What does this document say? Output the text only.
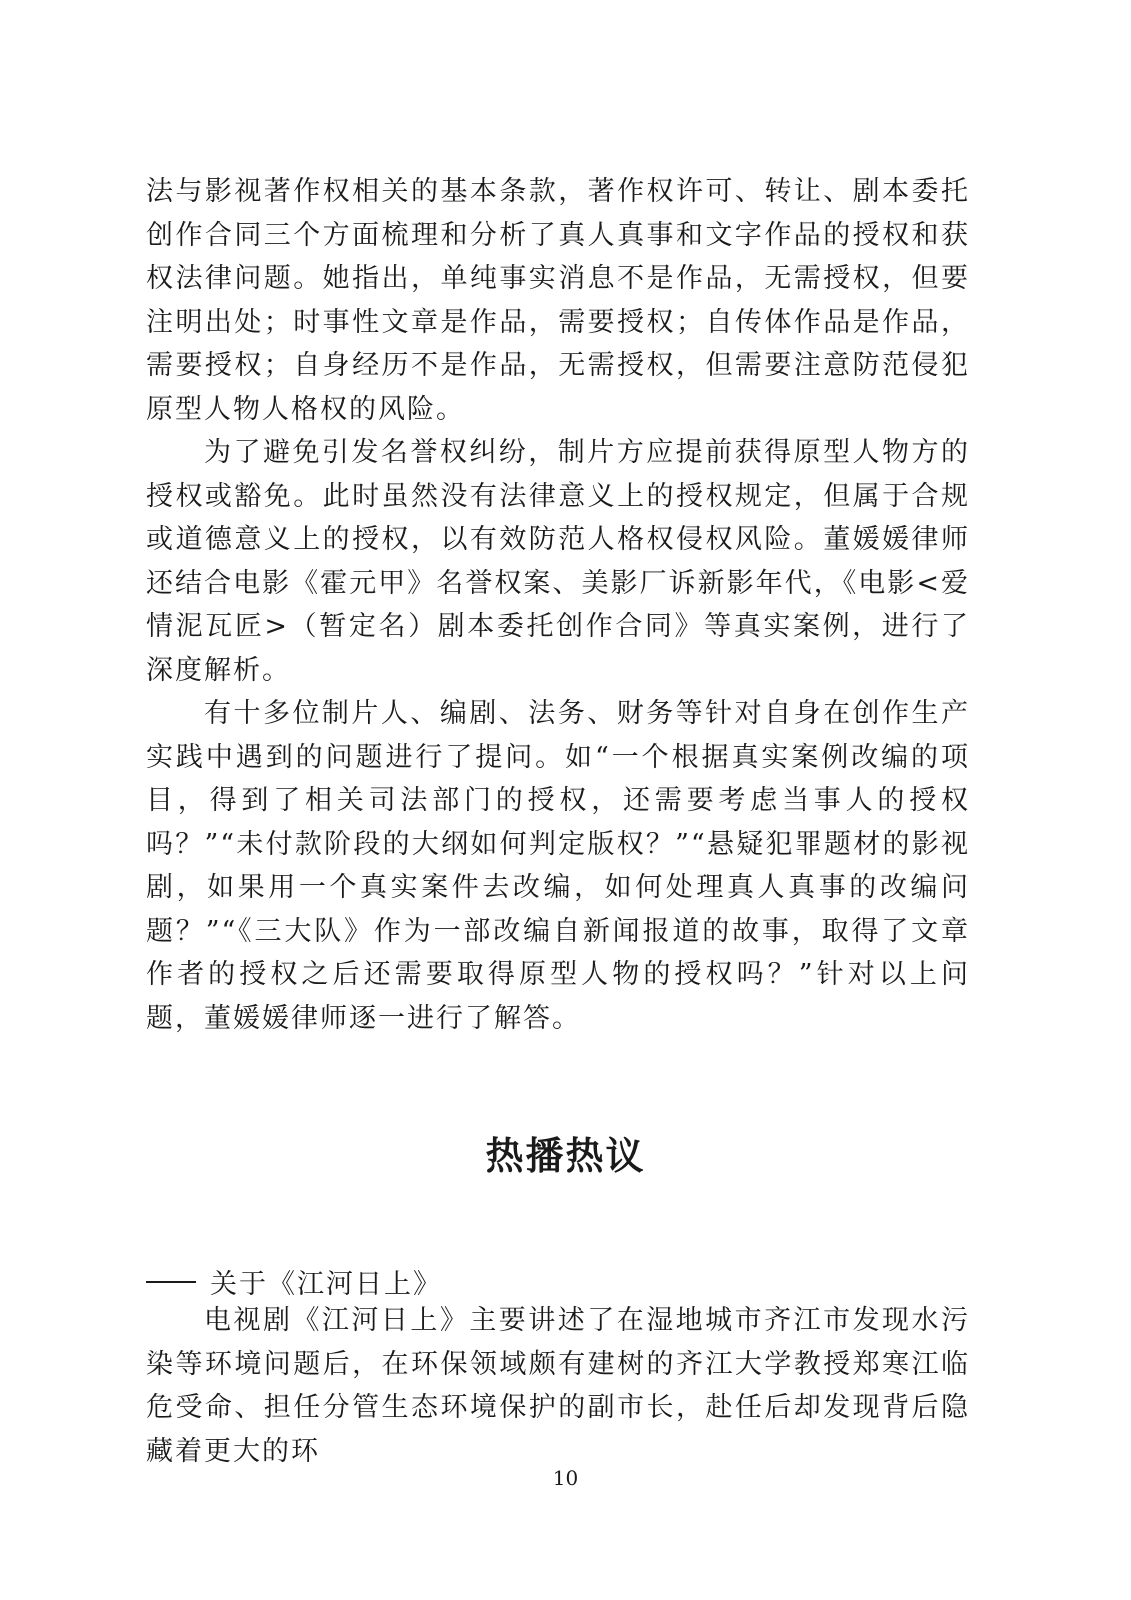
法与影视著作权相关的基本条款，著作权许可、转让、剧本委托创作合同三个方面梳理和分析了真人真事和文字作品的授权和获权法律问题。她指出，单纯事实消息不是作品，无需授权，但要注明出处；时事性文章是作品，需要授权；自传体作品是作品，需要授权；自身经历不是作品，无需授权，但需要注意防范侵犯原型人物人格权的风险。

为了避免引发名誉权纠纷，制片方应提前获得原型人物方的授权或豁免。此时虽然没有法律意义上的授权规定，但属于合规或道德意义上的授权，以有效防范人格权侵权风险。董媛媛律师还结合电影《霍元甲》名誉权案、美影厂诉新影年代，《电影<爱情泥瓦匠>（暂定名）剧本委托创作合同》等真实案例，进行了深度解析。

有十多位制片人、编剧、法务、财务等针对自身在创作生产实践中遇到的问题进行了提问。如“一个根据真实案例改编的项目，得到了相关司法部门的授权，还需要考虑当事人的授权吗？”“未付款阶段的大纲如何判定版权？”“悬疑犯罪题材的影视剧，如果用一个真实案件去改编，如何处理真人真事的改编问题？”“《三大队》作为一部改编自新闻报道的故事，取得了文章作者的授权之后还需要取得原型人物的授权吗？”针对以上问题，董媛媛律师逐一进行了解答。

热播热议
关于《江河日上》

电视剧《江河日上》主要讲述了在湿地城市齐江市发现水污染等环境问题后，在环保领域颇有建树的齐江大学教授郑寒江临危受命、担任分管生态环境保护的副市长，赴任后却发现背后隐藏着更大的环

10
